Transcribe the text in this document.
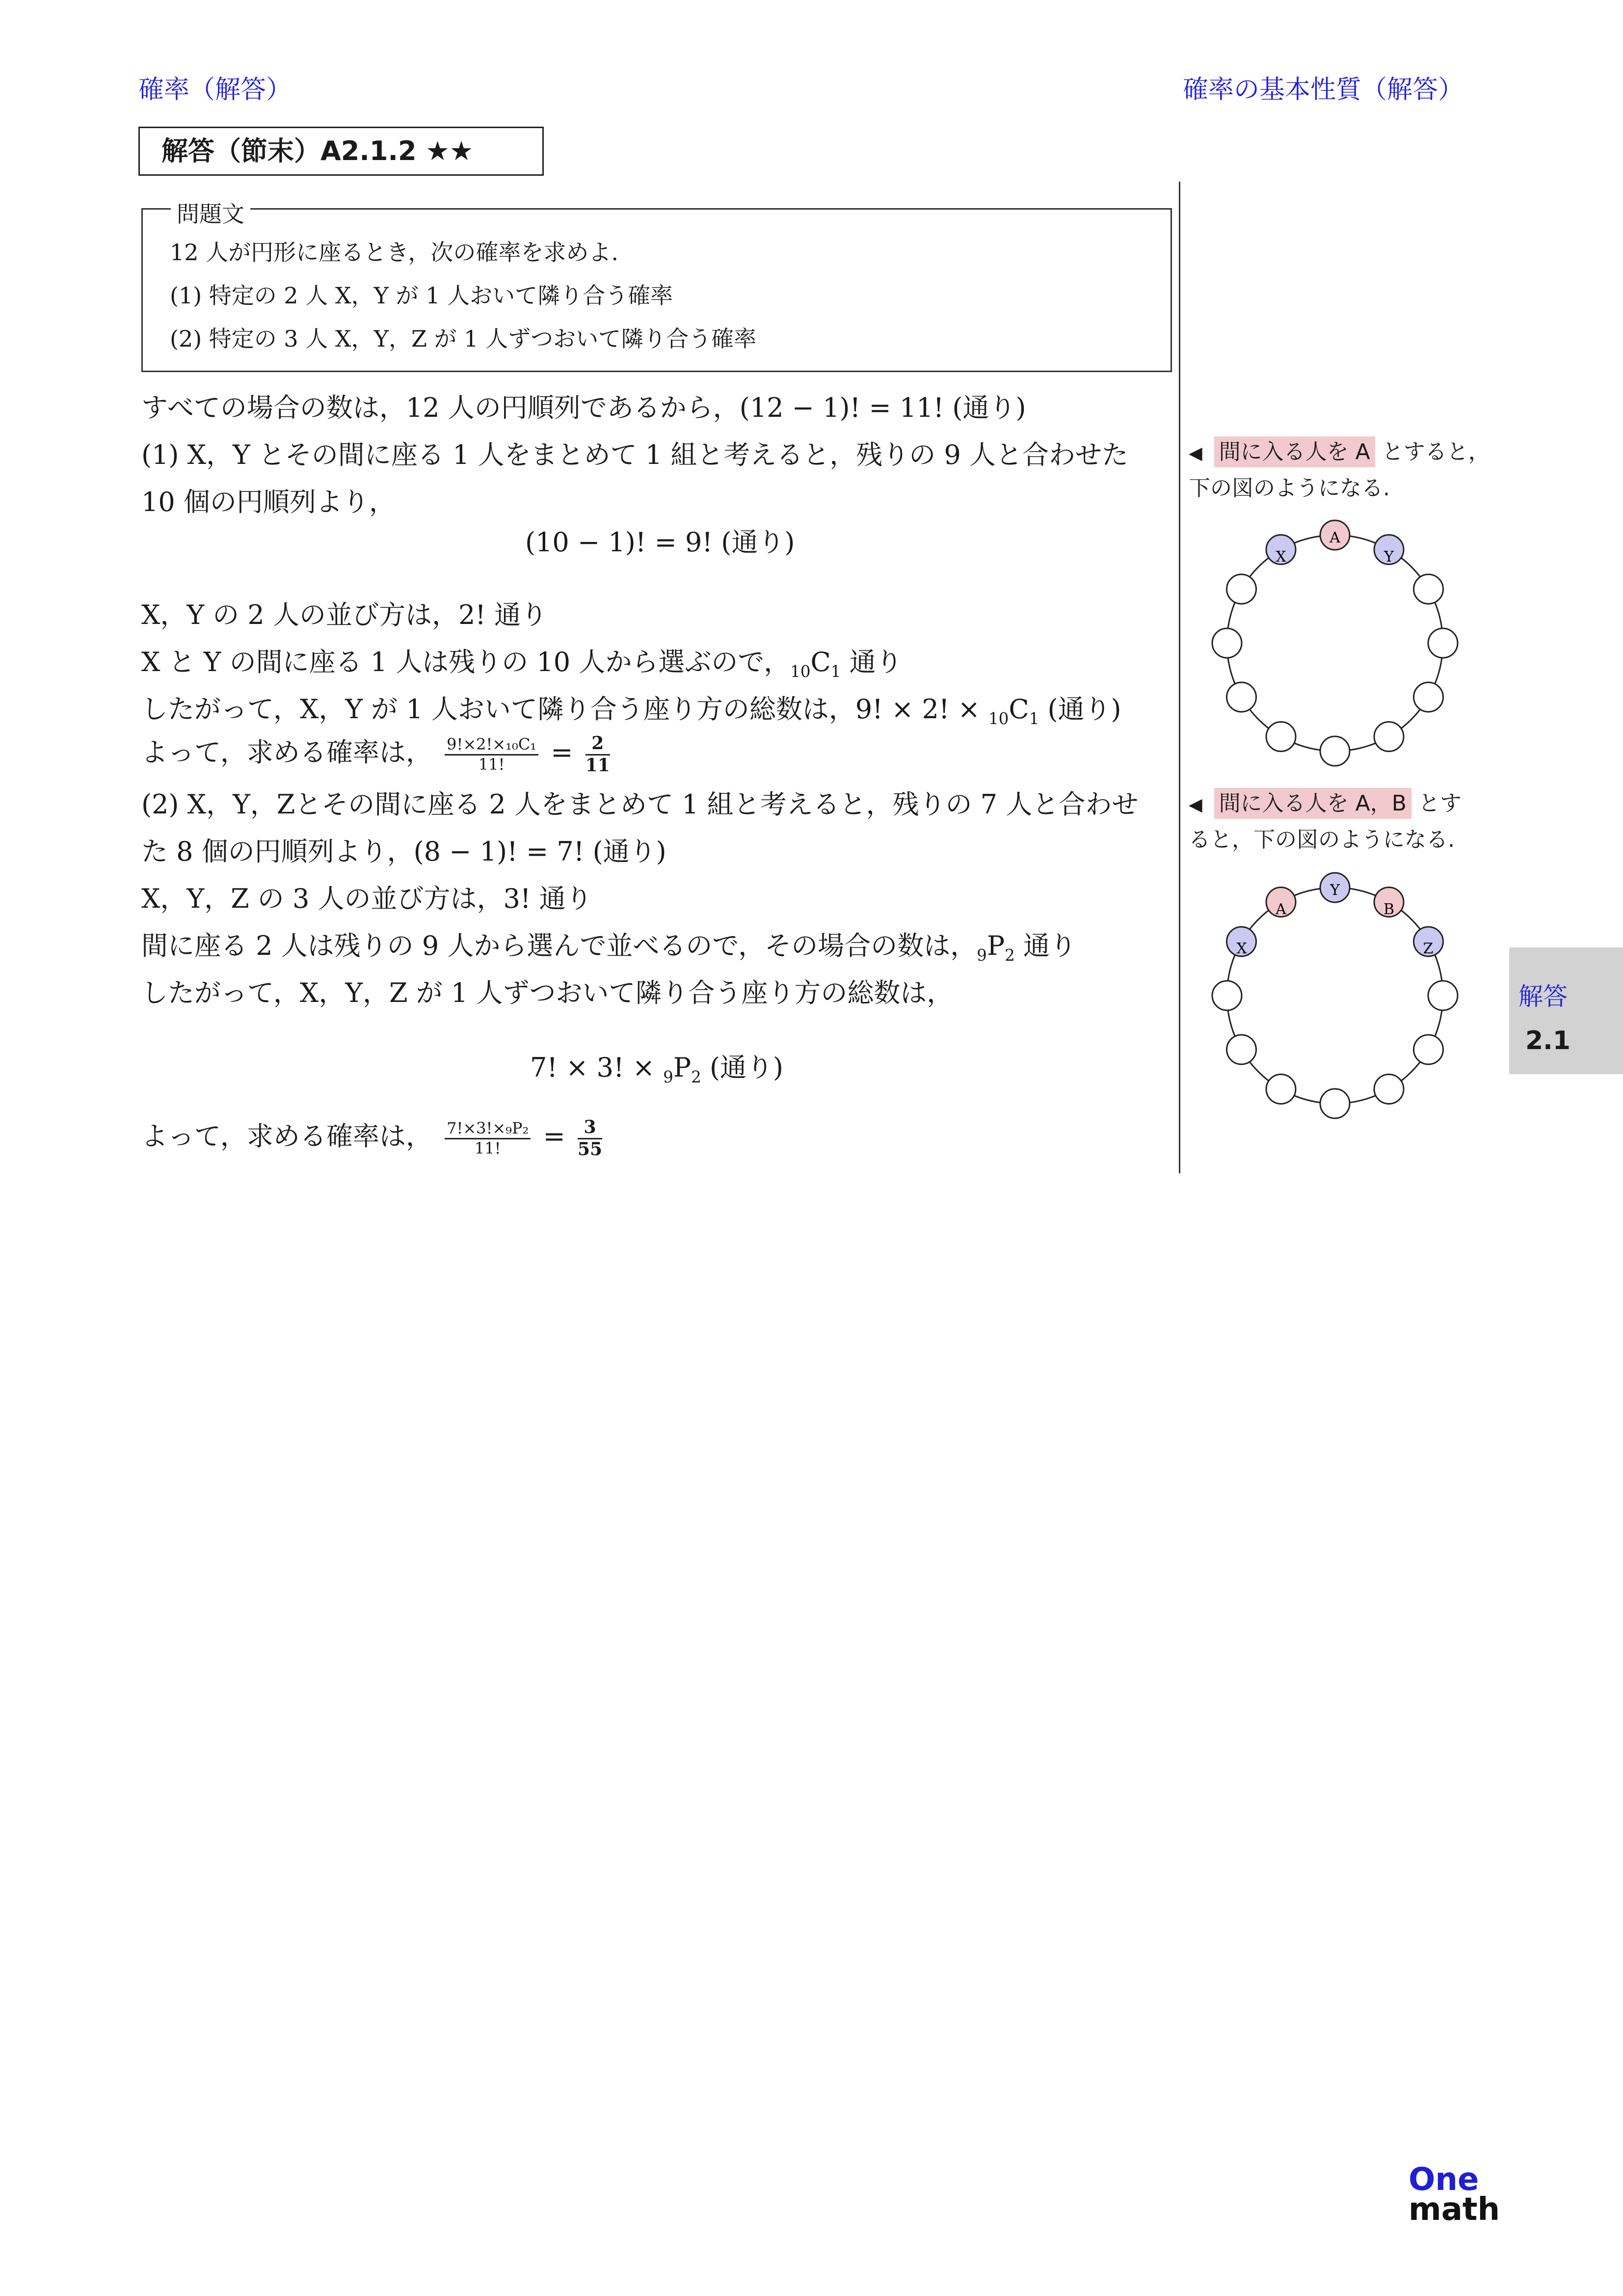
確率（解答）	確率の基本性質（解答）
解答（節末）A2.1.2 ★★
問題文
12 人が円形に座るとき，次の確率を求めよ.
(1) 特定の 2 人 X，Y が 1 人おいて隣り合う確率
(2) 特定の 3 人 X，Y，Z が 1 人ずつおいて隣り合う確率
すべての場合の数は，12 人の円順列であるから，(12 − 1)! = 11! (通り)
(1) X，Y とその間に座る 1 人をまとめて 1 組と考えると，残りの 9 人と合わせた
10 個の円順列より，
(10 − 1)! = 9! (通り)
X，Y の 2 人の並び方は，2! 通り
X と Y の間に座る 1 人は残りの 10 人から選ぶので，$_{10}C_1$ 通り
したがって，X，Y が 1 人おいて隣り合う座り方の総数は，9! × 2! × $_{10}C_1$ (通り)
よって，求める確率は， $\frac{\text{9!×2!×₁₀C₁}}{11!} = \frac{2}{11}$
(2) X，Y，Zとその間に座る 2 人をまとめて 1 組と考えると，残りの 7 人と合わせ
た 8 個の円順列より，(8 − 1)! = 7! (通り)
X，Y，Z の 3 人の並び方は，3! 通り
間に座る 2 人は残りの 9 人から選んで並べるので，その場合の数は，$_9P_2$ 通り
したがって，X，Y，Z が 1 人ずつおいて隣り合う座り方の総数は，
7! × 3! × $_9P_2$ (通り)
よって，求める確率は， $\frac{\text{7!×3!×₉P₂}}{11!} = \frac{3}{55}$
◀ 間に入る人を A とすると，
下の図のようになる.
A
Y
X
◀ 間に入る人を A，B とす
ると，下の図のようになる.
Y
B
Z
A
X
解答
2.1
One
math
